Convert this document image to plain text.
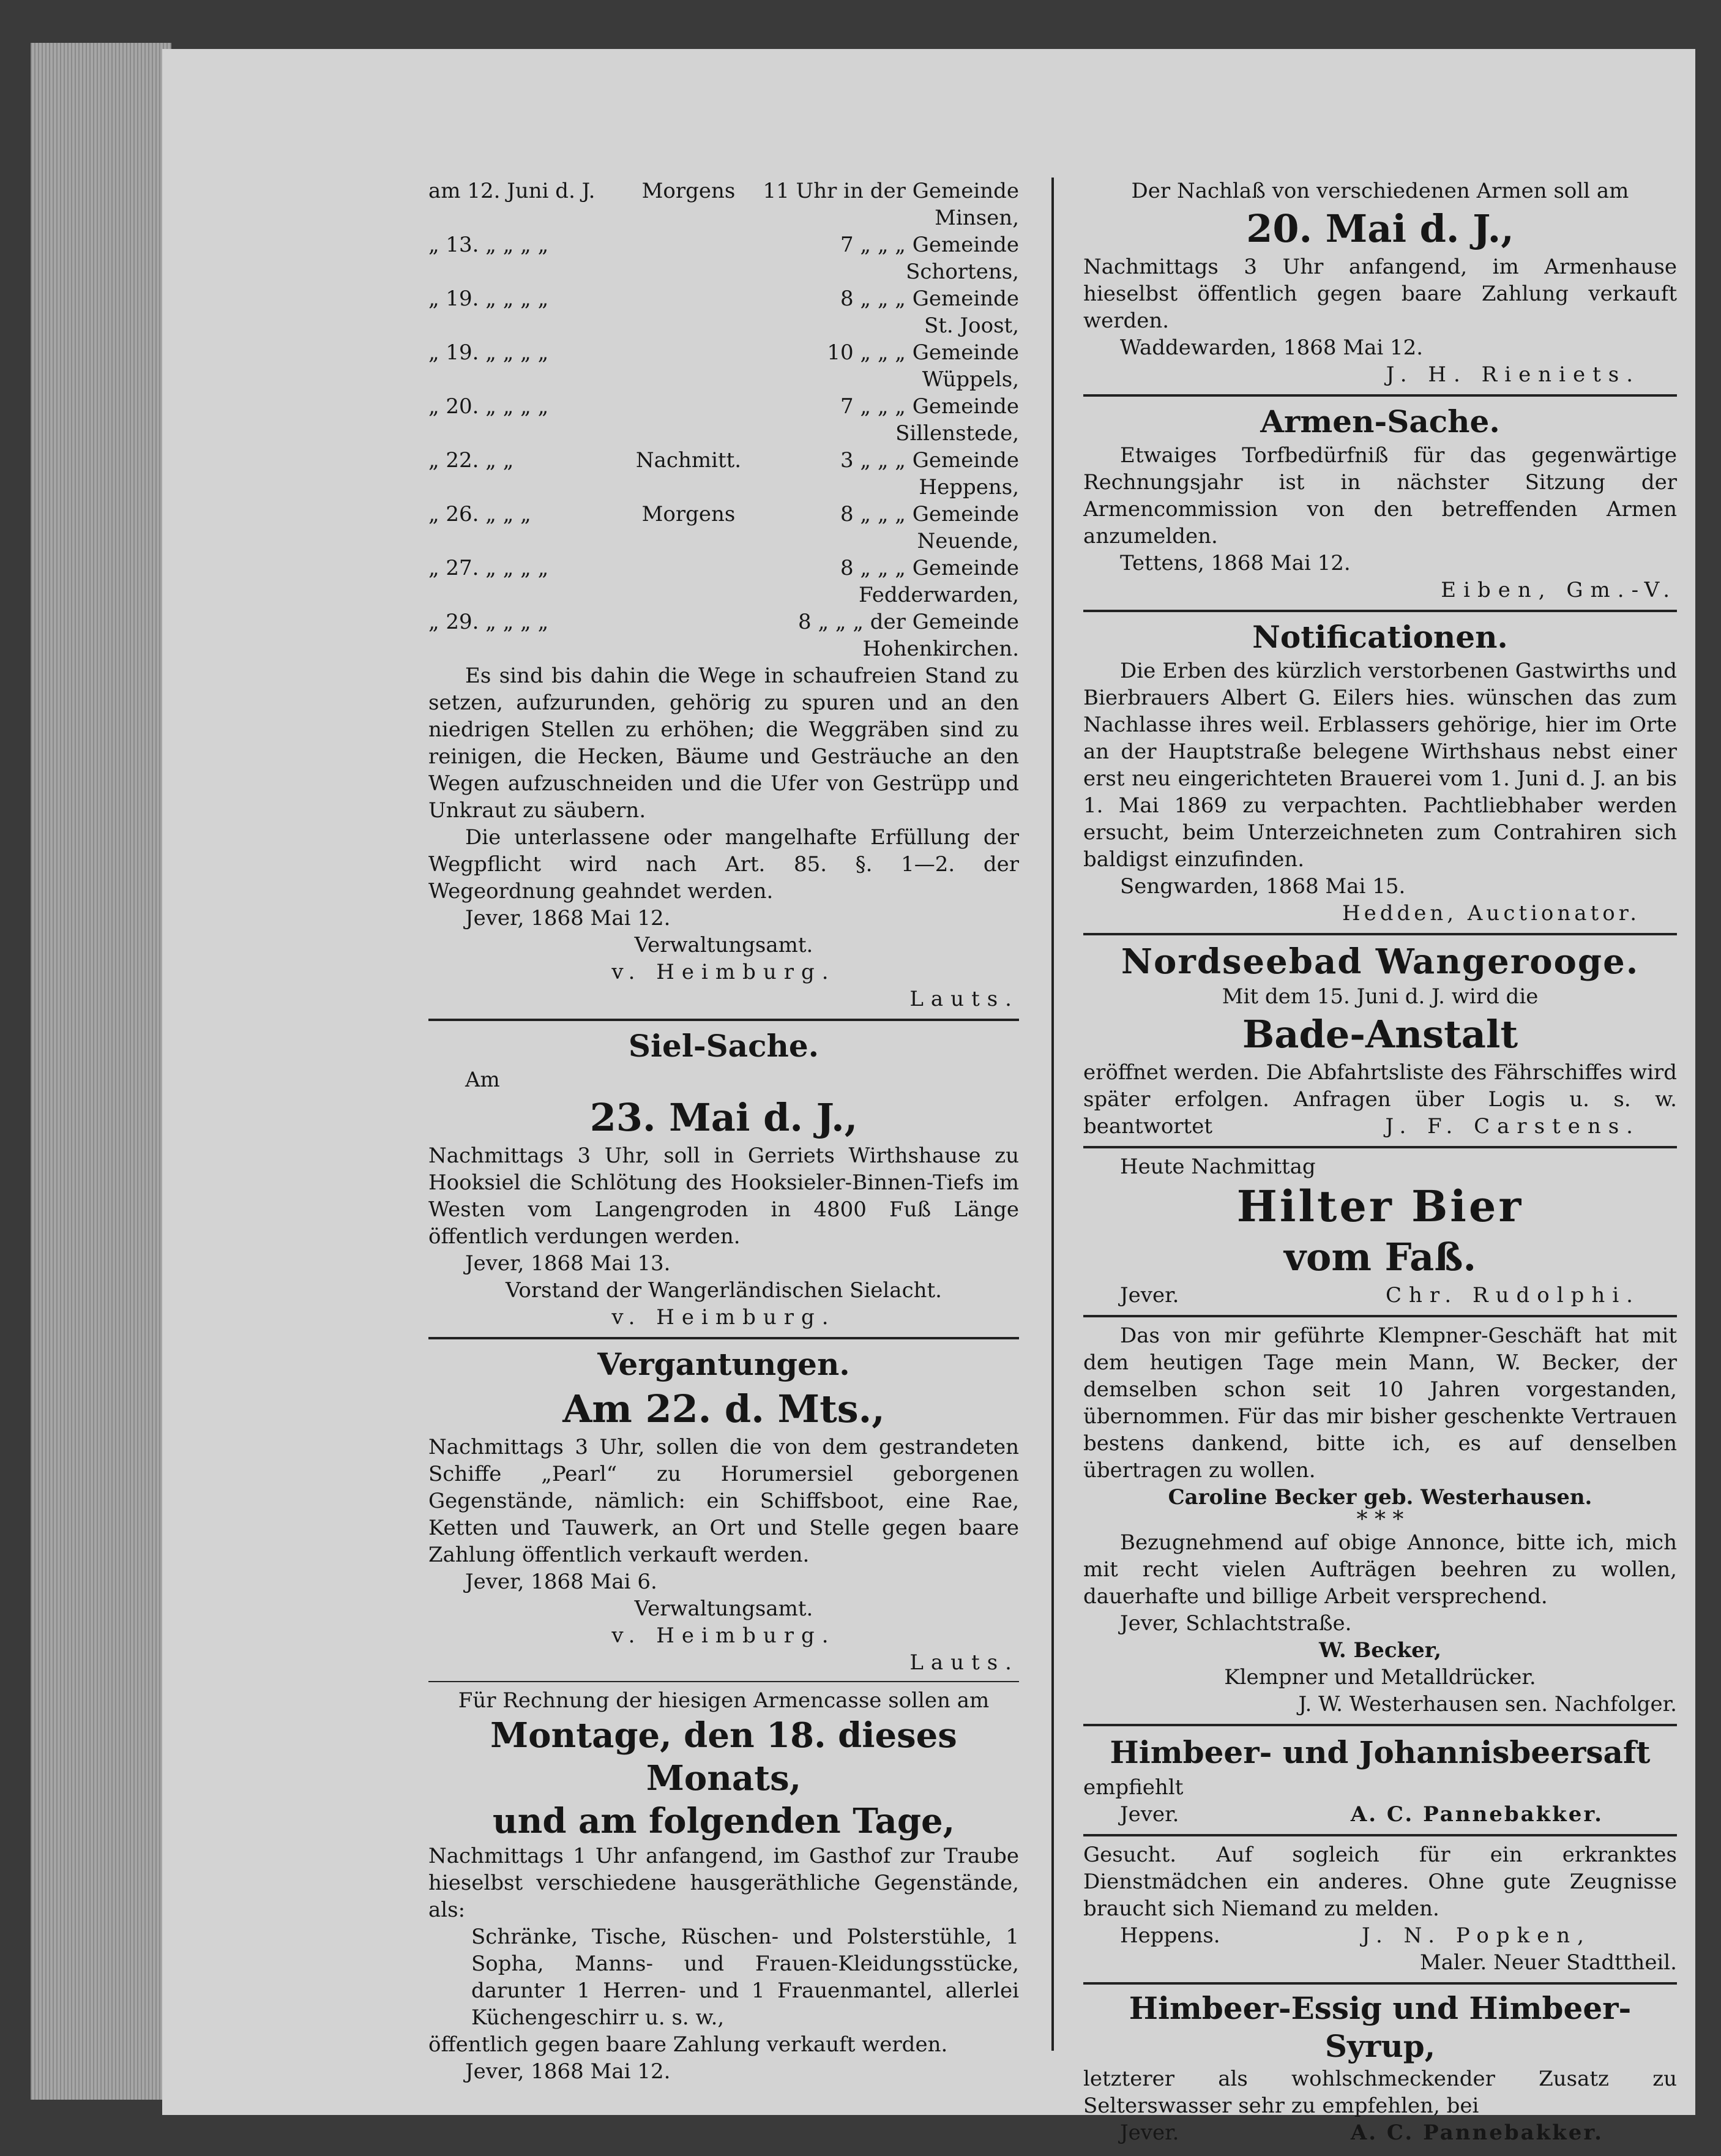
am 12. Juni d. J.	Morgens	11 Uhr in der Gemeinde

Minsen,

„ 13. „ „ „ „	7 „ „ „ Gemeinde

Schortens,

„ 19. „ „ „ „	8 „ „ „ Gemeinde

St. Joost,

„ 19. „ „ „ „	10 „ „ „ Gemeinde

Wüppels,

„ 20. „ „ „ „	7 „ „ „ Gemeinde

Sillenstede,

„ 22. „ „	Nachmitt.	3 „ „ „ Gemeinde

Heppens,

„ 26. „ „ „	Morgens	8 „ „ „ Gemeinde

Neuende,

„ 27. „ „ „ „	8 „ „ „ Gemeinde

Fedderwarden,

„ 29. „ „ „ „	8 „ „ „ der Gemeinde

Hohenkirchen.

Es sind bis dahin die Wege in schaufreien Stand zu setzen, aufzurunden, gehörig zu spuren und an den niedrigen Stellen zu erhöhen; die Weggräben sind zu reinigen, die Hecken, Bäume und Gesträuche an den Wegen aufzuschneiden und die Ufer von Gestrüpp und Unkraut zu säubern.

Die unterlassene oder mangelhafte Erfüllung der Wegpflicht wird nach Art. 85. §. 1—2. der Wegeordnung geahndet werden.

Jever, 1868 Mai 12.

Verwaltungsamt.

v. Heimburg.

Lauts.

Siel-Sache.

Am

23. Mai d. J.,

Nachmittags 3 Uhr, soll in Gerriets Wirthshause zu Hooksiel die Schlötung des Hooksieler-Binnen-Tiefs im Westen vom Langengroden in 4800 Fuß Länge öffentlich verdungen werden.

Jever, 1868 Mai 13.

Vorstand der Wangerländischen Sielacht.

v. Heimburg.

Vergantungen.

Am 22. d. Mts.,

Nachmittags 3 Uhr, sollen die von dem gestrandeten Schiffe „Pearl“ zu Horumersiel geborgenen Gegenstände, nämlich: ein Schiffsboot, eine Rae, Ketten und Tauwerk, an Ort und Stelle gegen baare Zahlung öffentlich verkauft werden.

Jever, 1868 Mai 6.

Verwaltungsamt.

v. Heimburg.

Lauts.

Für Rechnung der hiesigen Armencasse sollen am

Montage, den 18. dieses Monats,

und am folgenden Tage,

Nachmittags 1 Uhr anfangend, im Gasthof zur Traube hieselbst verschiedene hausgeräthliche Gegenstände, als:

Schränke, Tische, Rüschen- und Polsterstühle, 1 Sopha, Manns- und Frauen-Kleidungsstücke, darunter 1 Herren- und 1 Frauenmantel, allerlei Küchengeschirr u. s. w.,

öffentlich gegen baare Zahlung verkauft werden.

Jever, 1868 Mai 12.

Der Nachlaß von verschiedenen Armen soll am

20. Mai d. J.,

Nachmittags 3 Uhr anfangend, im Armenhause hieselbst öffentlich gegen baare Zahlung verkauft werden.

Waddewarden, 1868 Mai 12.

J. H. Rieniets.

Armen-Sache.

Etwaiges Torfbedürfniß für das gegenwärtige Rechnungsjahr ist in nächster Sitzung der Armencommission von den betreffenden Armen anzumelden.

Tettens, 1868 Mai 12.

Eiben, Gm.-V.

Notificationen.

Die Erben des kürzlich verstorbenen Gastwirths und Bierbrauers Albert G. Eilers hies. wünschen das zum Nachlasse ihres weil. Erblassers gehörige, hier im Orte an der Hauptstraße belegene Wirthshaus nebst einer erst neu eingerichteten Brauerei vom 1. Juni d. J. an bis 1. Mai 1869 zu verpachten. Pachtliebhaber werden ersucht, beim Unterzeichneten zum Contrahiren sich baldigst einzufinden.

Sengwarden, 1868 Mai 15.

Hedden, Auctionator.

Nordseebad Wangerooge.

Mit dem 15. Juni d. J. wird die

Bade-Anstalt

eröffnet werden. Die Abfahrtsliste des Fährschiffes wird später erfolgen. Anfragen über Logis u. s. w. beantwortet	J. F. Carstens.

Heute Nachmittag

Hilter Bier

vom Faß.

Jever.	Chr. Rudolphi.

Das von mir geführte Klempner-Geschäft hat mit dem heutigen Tage mein Mann, W. Becker, der demselben schon seit 10 Jahren vorgestanden, übernommen. Für das mir bisher geschenkte Vertrauen bestens dankend, bitte ich, es auf denselben übertragen zu wollen.

Caroline Becker geb. Westerhausen.

* * *

Bezugnehmend auf obige Annonce, bitte ich, mich mit recht vielen Aufträgen beehren zu wollen, dauerhafte und billige Arbeit versprechend.

Jever, Schlachtstraße.

W. Becker,

Klempner und Metalldrücker.

J. W. Westerhausen sen. Nachfolger.

Himbeer- und Johannisbeersaft

empfiehlt

Jever.	A. C. Pannebakker.

Gesucht. Auf sogleich für ein erkranktes Dienstmädchen ein anderes. Ohne gute Zeugnisse braucht sich Niemand zu melden.

Heppens.	J. N. Popken,

Maler. Neuer Stadttheil.

Himbeer-Essig und Himbeer-Syrup,

letzterer als wohlschmeckender Zusatz zu Selterswasser sehr zu empfehlen, bei

Jever.	A. C. Pannebakker.
